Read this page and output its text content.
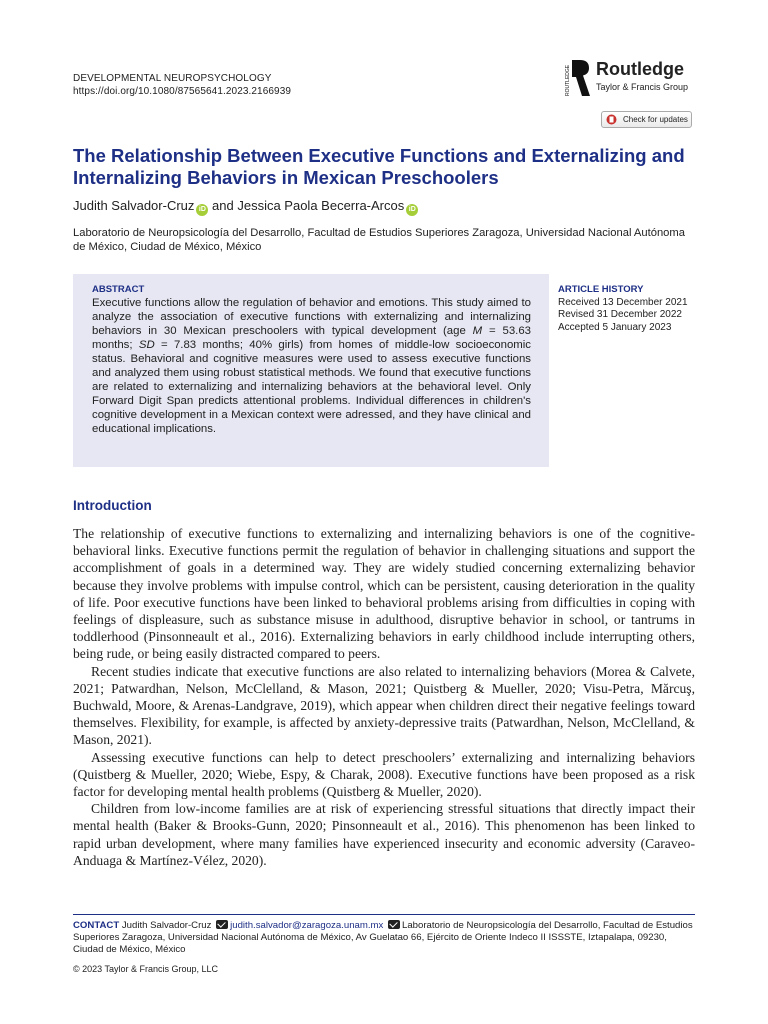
DEVELOPMENTAL NEUROPSYCHOLOGY
https://doi.org/10.1080/87565641.2023.2166939	ROUTLEDGE Routledge
Taylor & Francis Group
Check for updates
The Relationship Between Executive Functions and Externalizing and Internalizing Behaviors in Mexican Preschoolers
Judith Salvador-Cruz iD and Jessica Paola Becerra-Arcos iD
Laboratorio de Neuropsicología del Desarrollo, Facultad de Estudios Superiores Zaragoza, Universidad Nacional Autónoma de México, Ciudad de México, México
ABSTRACT
Executive functions allow the regulation of behavior and emotions. This study aimed to analyze the association of executive functions with externalizing and internalizing behaviors in 30 Mexican preschoolers with typical development (age M = 53.63 months; SD = 7.83 months; 40% girls) from homes of middle-low socioeconomic status. Behavioral and cognitive measures were used to assess executive functions and analyzed them using robust statistical methods. We found that executive functions are related to externalizing and internalizing behaviors at the behavioral level. Only Forward Digit Span predicts attentional problems. Individual differences in children's cognitive development in a Mexican context were adressed, and they have clinical and educational implications.
ARTICLE HISTORY
Received 13 December 2021
Revised 31 December 2022
Accepted 5 January 2023
Introduction

The relationship of executive functions to externalizing and internalizing behaviors is one of the cognitive-behavioral links. Executive functions permit the regulation of behavior in challenging situations and support the accomplishment of goals in a determined way. They are widely studied concerning externalizing behavior because they involve problems with impulse control, which can be persistent, causing deterioration in the quality of life. Poor executive functions have been linked to behavioral problems arising from difficulties in coping with feelings of displeasure, such as substance misuse in adulthood, disruptive behavior in school, or tantrums in toddlerhood (Pinsonneault et al., 2016). Externalizing behaviors in early childhood include interrupting others, being rude, or being easily distracted compared to peers.

Recent studies indicate that executive functions are also related to internalizing behaviors (Morea & Calvete, 2021; Patwardhan, Nelson, McClelland, & Mason, 2021; Quistberg & Mueller, 2020; Visu-Petra, Mărcuş, Buchwald, Moore, & Arenas-Landgrave, 2019), which appear when children direct their negative feelings toward themselves. Flexibility, for example, is affected by anxiety-depressive traits (Patwardhan, Nelson, McClelland, & Mason, 2021).

Assessing executive functions can help to detect preschoolers’ externalizing and internalizing behaviors (Quistberg & Mueller, 2020; Wiebe, Espy, & Charak, 2008). Executive functions have been proposed as a risk factor for developing mental health problems (Quistberg & Mueller, 2020).

Children from low-income families are at risk of experiencing stressful situations that directly impact their mental health (Baker & Brooks-Gunn, 2020; Pinsonneault et al., 2016). This phenomenon has been linked to rapid urban development, where many families have experienced insecurity and economic adversity (Caraveo-Anduaga & Martínez-Vélez, 2020).

CONTACT Judith Salvador-Cruz judith.salvador@zaragoza.unam.mx Laboratorio de Neuropsicología del Desarrollo, Facultad de Estudios Superiores Zaragoza, Universidad Nacional Autónoma de México, Av Guelatao 66, Ejército de Oriente Indeco II ISSSTE, Iztapalapa, 09230, Ciudad de México, México
© 2023 Taylor & Francis Group, LLC
